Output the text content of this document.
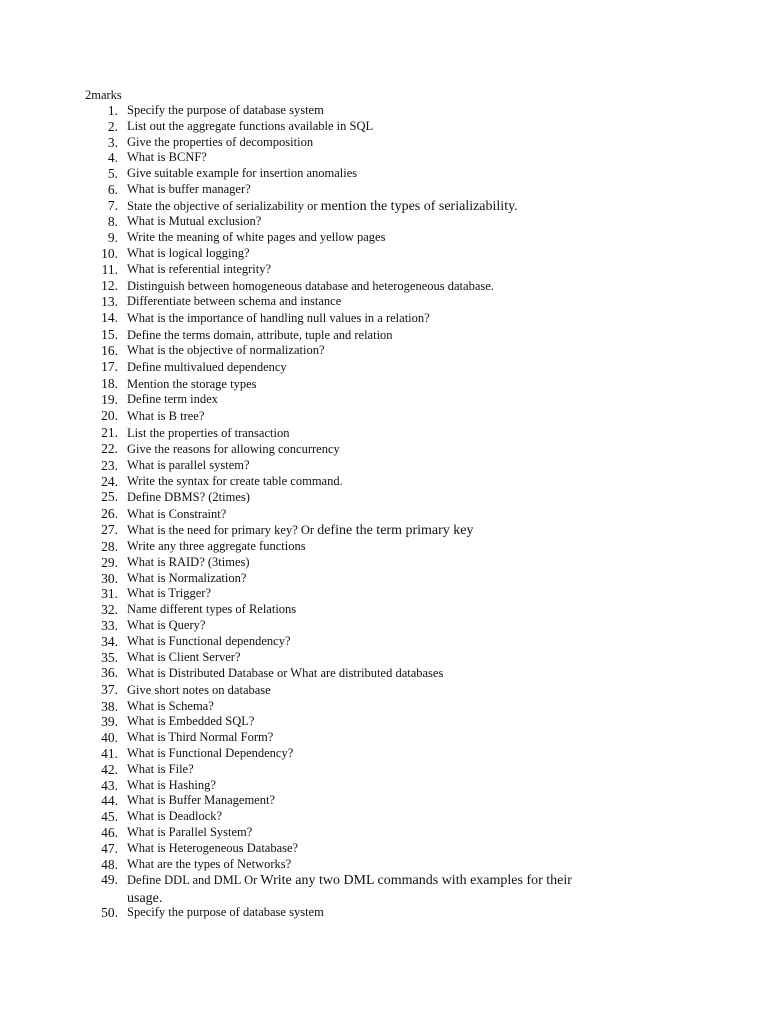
2marks
1. Specify the purpose of database system
2. List out the aggregate functions available in SQL
3. Give the properties of decomposition
4. What is BCNF?
5. Give suitable example for insertion anomalies
6. What is buffer manager?
7. State the objective of serializability or mention the types of serializability.
8. What is Mutual exclusion?
9. Write the meaning of white pages and yellow pages
10. What is logical logging?
11. What is referential integrity?
12. Distinguish between homogeneous database and heterogeneous database.
13. Differentiate between schema and instance
14. What is the importance of handling null values in a relation?
15. Define the terms domain, attribute, tuple and relation
16. What is the objective of normalization?
17. Define multivalued dependency
18. Mention the storage types
19. Define term index
20. What is B tree?
21. List the properties of transaction
22. Give the reasons for allowing concurrency
23. What is parallel system?
24. Write the syntax for create table command.
25. Define DBMS? (2times)
26. What is Constraint?
27. What is the need for primary key? Or define the term primary key
28. Write any three aggregate functions
29. What is RAID? (3times)
30. What is Normalization?
31. What is Trigger?
32. Name different types of Relations
33. What is Query?
34. What is Functional dependency?
35. What is Client Server?
36. What is Distributed Database or What are distributed databases
37. Give short notes on database
38. What is Schema?
39. What is Embedded SQL?
40. What is Third Normal Form?
41. What is Functional Dependency?
42. What is File?
43. What is Hashing?
44. What is Buffer Management?
45. What is Deadlock?
46. What is Parallel System?
47. What is Heterogeneous Database?
48. What are the types of Networks?
49. Define DDL and DML Or Write any two DML commands with examples for their usage.
50. Specify the purpose of database system
